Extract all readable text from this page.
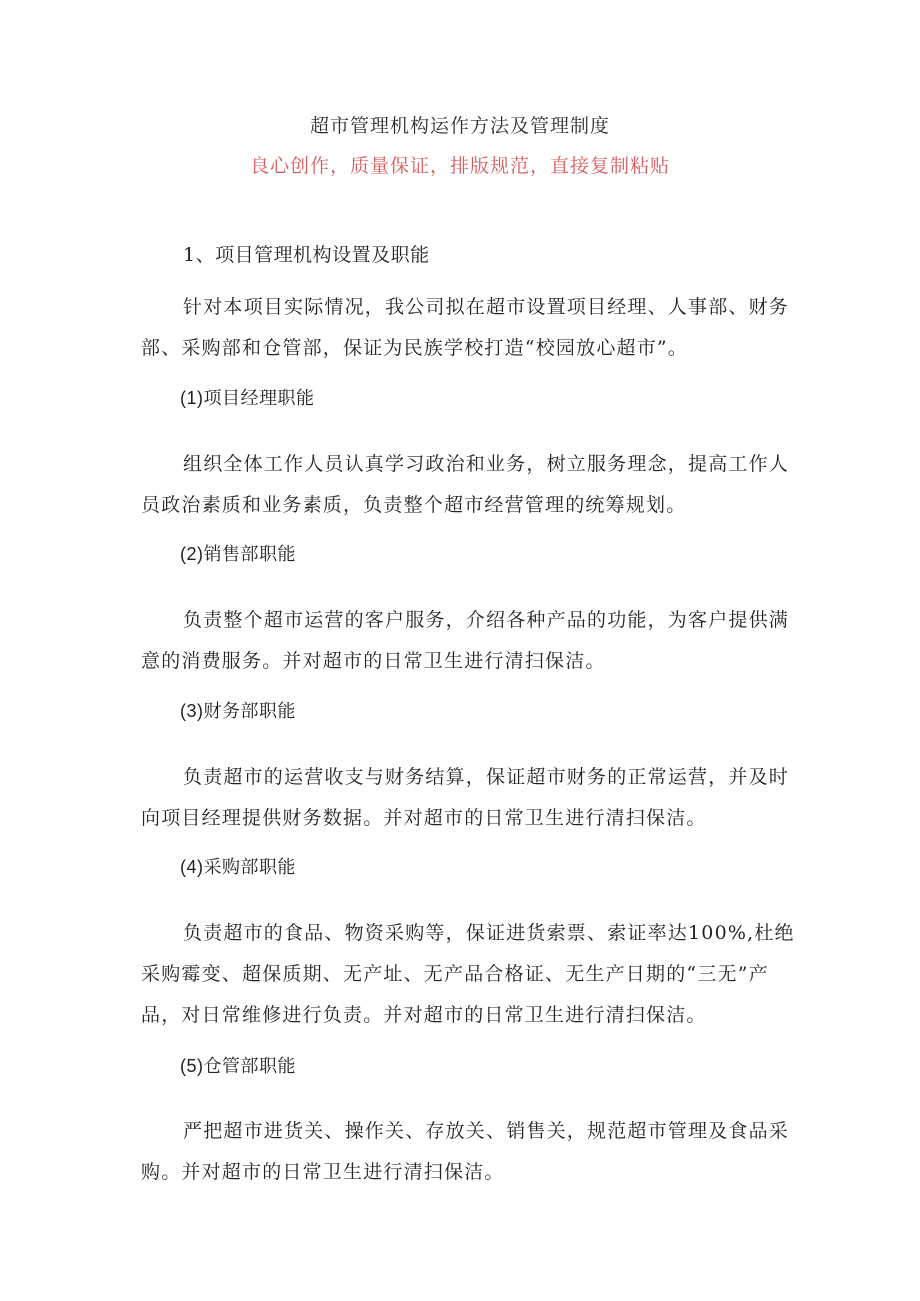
超市管理机构运作方法及管理制度
良心创作，质量保证，排版规范，直接复制粘贴
1、项目管理机构设置及职能
针对本项目实际情况，我公司拟在超市设置项目经理、人事部、财务
部、采购部和仓管部，保证为民族学校打造“校园放心超市”。
(1)项目经理职能
组织全体工作人员认真学习政治和业务，树立服务理念，提高工作人
员政治素质和业务素质，负责整个超市经营管理的统筹规划。
(2)销售部职能
负责整个超市运营的客户服务，介绍各种产品的功能，为客户提供满
意的消费服务。并对超市的日常卫生进行清扫保洁。
(3)财务部职能
负责超市的运营收支与财务结算，保证超市财务的正常运营，并及时
向项目经理提供财务数据。并对超市的日常卫生进行清扫保洁。
(4)采购部职能
负责超市的食品、物资采购等，保证进货索票、索证率达100%,杜绝
采购霉变、超保质期、无产址、无产品合格证、无生产日期的“三无”产
品，对日常维修进行负责。并对超市的日常卫生进行清扫保洁。
(5)仓管部职能
严把超市进货关、操作关、存放关、销售关，规范超市管理及食品采
购。并对超市的日常卫生进行清扫保洁。
